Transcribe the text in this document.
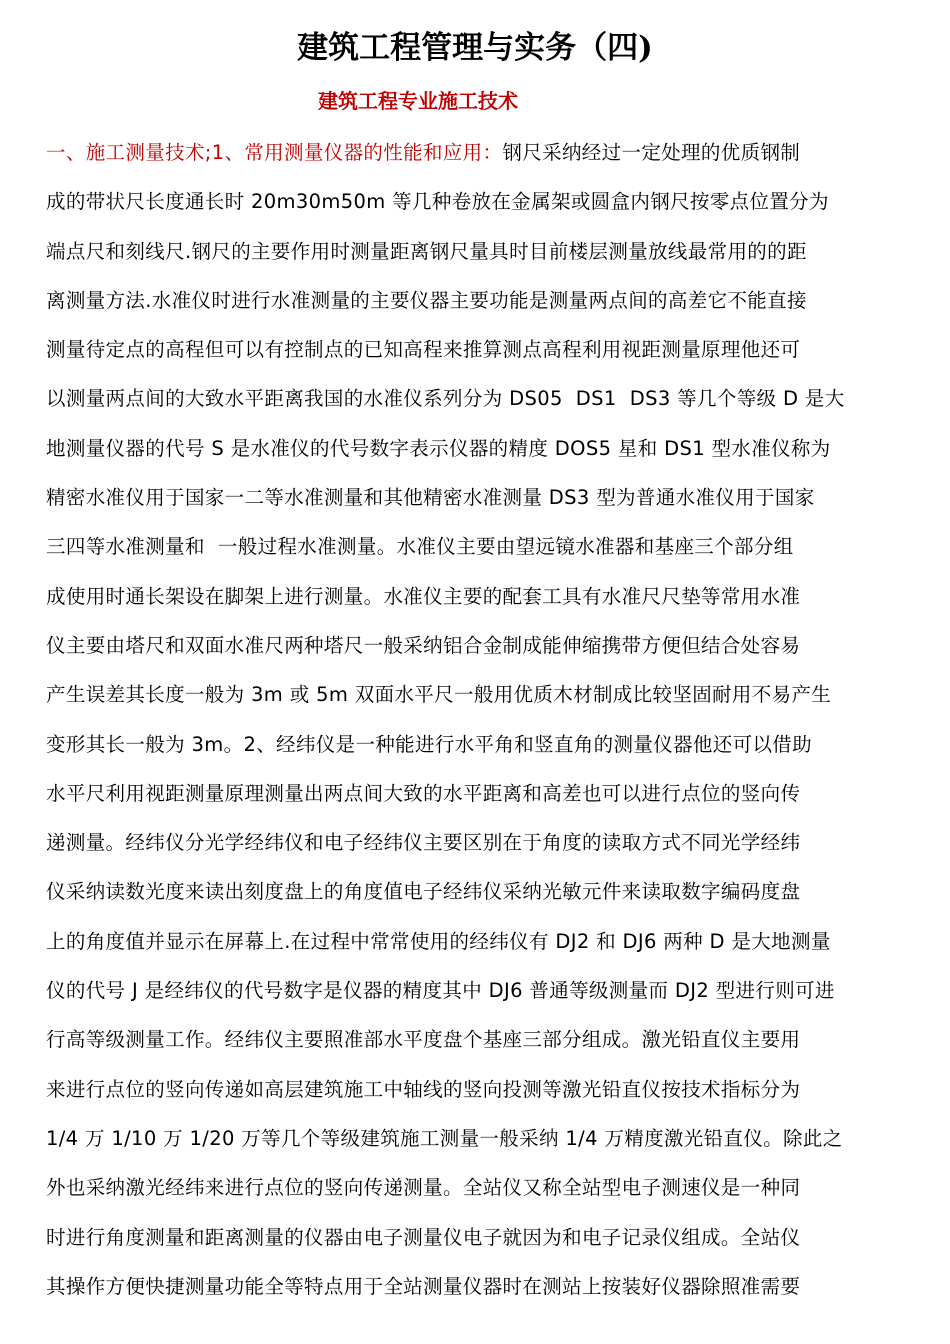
建筑工程管理与实务（四)
建筑工程专业施工技术
一、施工测量技术;1、常用测量仪器的性能和应用：钢尺采纳经过一定处理的优质钢制
成的带状尺长度通长时 20m30m50m 等几种卷放在金属架或圆盒内钢尺按零点位置分为
端点尺和刻线尺.钢尺的主要作用时测量距离钢尺量具时目前楼层测量放线最常用的的距
离测量方法.水准仪时进行水准测量的主要仪器主要功能是测量两点间的高差它不能直接
测量待定点的高程但可以有控制点的已知高程来推算测点高程利用视距测量原理他还可
以测量两点间的大致水平距离我国的水准仪系列分为 DS05  DS1  DS3 等几个等级 D 是大
地测量仪器的代号 S 是水准仪的代号数字表示仪器的精度 DOS5 星和 DS1 型水准仪称为
精密水准仪用于国家一二等水准测量和其他精密水准测量 DS3 型为普通水准仪用于国家
三四等水准测量和  一般过程水准测量。水准仪主要由望远镜水准器和基座三个部分组
成使用时通长架设在脚架上进行测量。水准仪主要的配套工具有水准尺尺垫等常用水准
仪主要由塔尺和双面水准尺两种塔尺一般采纳铝合金制成能伸缩携带方便但结合处容易
产生误差其长度一般为 3m 或 5m 双面水平尺一般用优质木材制成比较坚固耐用不易产生
变形其长一般为 3m。2、经纬仪是一种能进行水平角和竖直角的测量仪器他还可以借助
水平尺利用视距测量原理测量出两点间大致的水平距离和高差也可以进行点位的竖向传
递测量。经纬仪分光学经纬仪和电子经纬仪主要区别在于角度的读取方式不同光学经纬
仪采纳读数光度来读出刻度盘上的角度值电子经纬仪采纳光敏元件来读取数字编码度盘
上的角度值并显示在屏幕上.在过程中常常使用的经纬仪有 DJ2 和 DJ6 两种 D 是大地测量
仪的代号 J 是经纬仪的代号数字是仪器的精度其中 DJ6 普通等级测量而 DJ2 型进行则可进
行高等级测量工作。经纬仪主要照准部水平度盘个基座三部分组成。激光铅直仪主要用
来进行点位的竖向传递如高层建筑施工中轴线的竖向投测等激光铅直仪按技术指标分为
1/4 万 1/10 万 1/20 万等几个等级建筑施工测量一般采纳 1/4 万精度激光铅直仪。除此之
外也采纳激光经纬来进行点位的竖向传递测量。全站仪又称全站型电子测速仪是一种同
时进行角度测量和距离测量的仪器由电子测量仪电子就因为和电子记录仪组成。全站仪
其操作方便快捷测量功能全等特点用于全站测量仪器时在测站上按装好仪器除照准需要
